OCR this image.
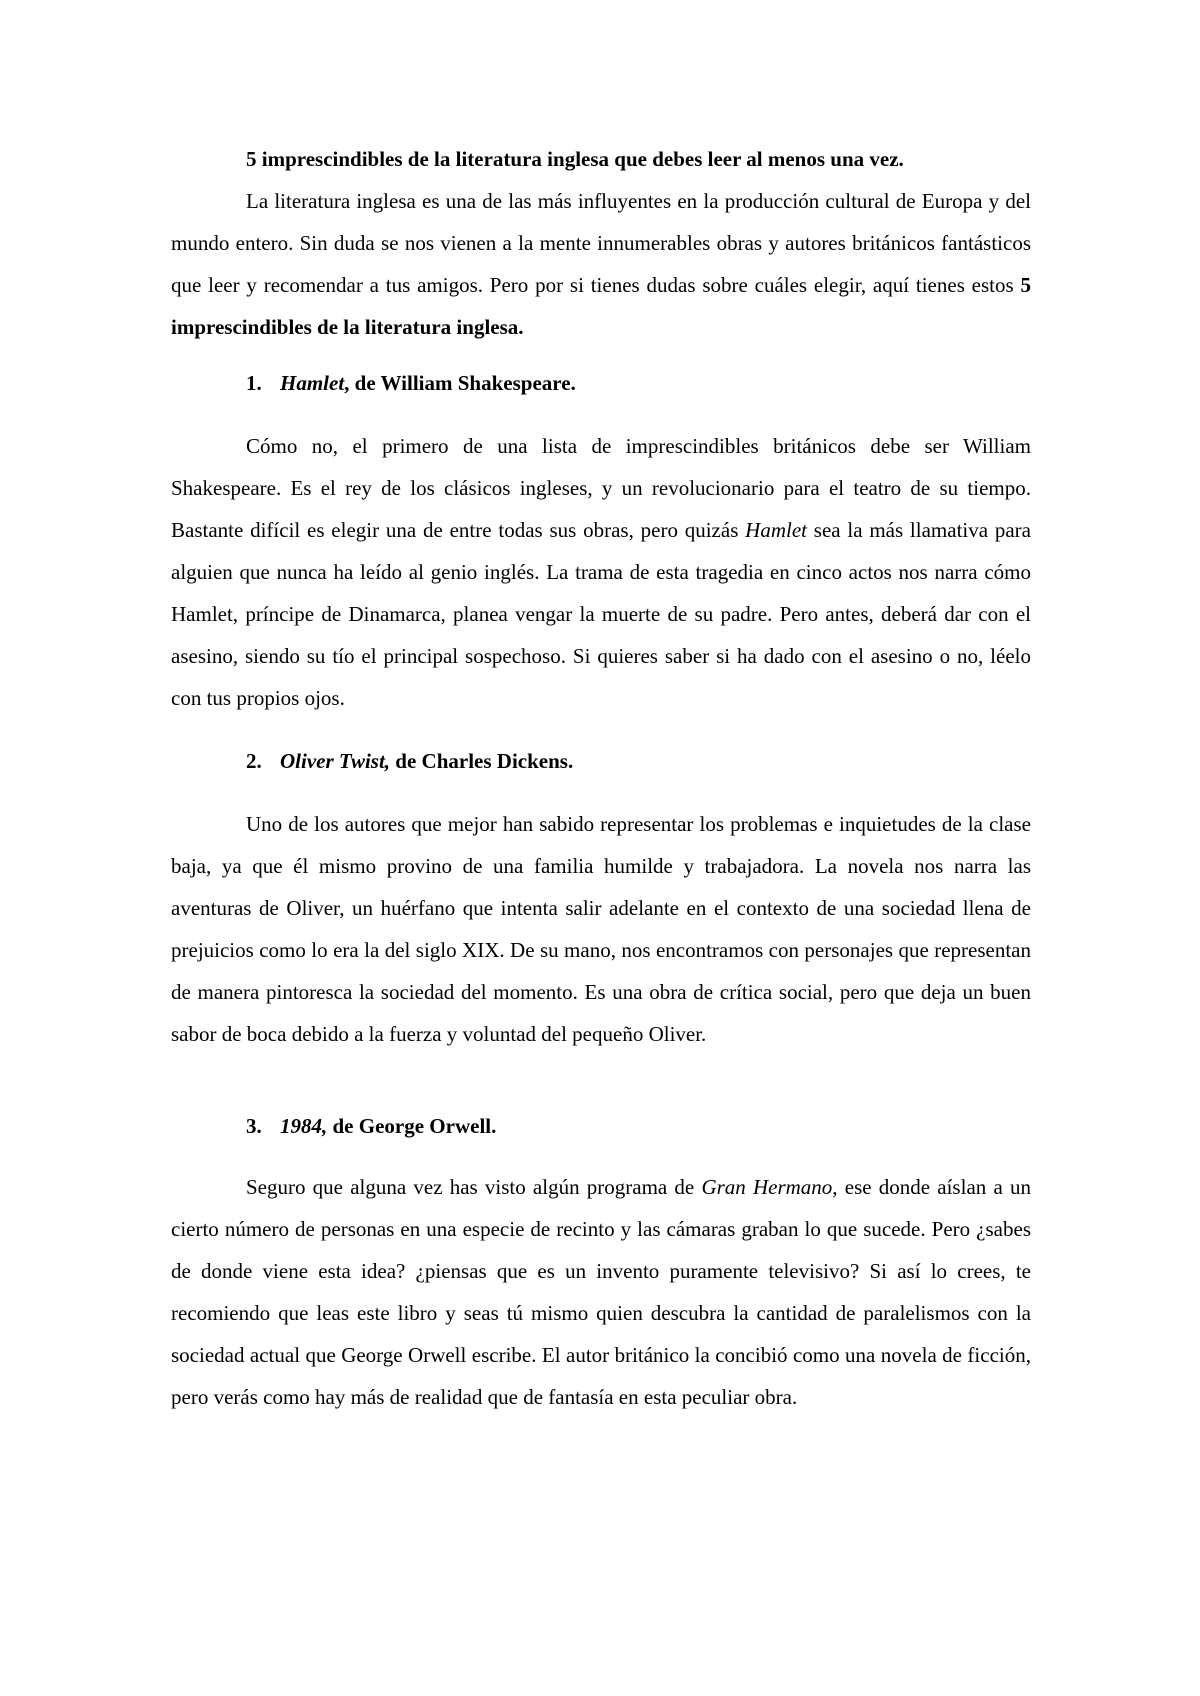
5 imprescindibles de la literatura inglesa que debes leer al menos una vez.

La literatura inglesa es una de las más influyentes en la producción cultural de Europa y del mundo entero. Sin duda se nos vienen a la mente innumerables obras y autores británicos fantásticos que leer y recomendar a tus amigos. Pero por si tienes dudas sobre cuáles elegir, aquí tienes estos 5 imprescindibles de la literatura inglesa.

1. Hamlet, de William Shakespeare.

Cómo no, el primero de una lista de imprescindibles británicos debe ser William Shakespeare. Es el rey de los clásicos ingleses, y un revolucionario para el teatro de su tiempo. Bastante difícil es elegir una de entre todas sus obras, pero quizás Hamlet sea la más llamativa para alguien que nunca ha leído al genio inglés. La trama de esta tragedia en cinco actos nos narra cómo Hamlet, príncipe de Dinamarca, planea vengar la muerte de su padre. Pero antes, deberá dar con el asesino, siendo su tío el principal sospechoso. Si quieres saber si ha dado con el asesino o no, léelo con tus propios ojos.

2. Oliver Twist, de Charles Dickens.

Uno de los autores que mejor han sabido representar los problemas e inquietudes de la clase baja, ya que él mismo provino de una familia humilde y trabajadora. La novela nos narra las aventuras de Oliver, un huérfano que intenta salir adelante en el contexto de una sociedad llena de prejuicios como lo era la del siglo XIX. De su mano, nos encontramos con personajes que representan de manera pintoresca la sociedad del momento. Es una obra de crítica social, pero que deja un buen sabor de boca debido a la fuerza y voluntad del pequeño Oliver.

3. 1984, de George Orwell.

Seguro que alguna vez has visto algún programa de Gran Hermano, ese donde aíslan a un cierto número de personas en una especie de recinto y las cámaras graban lo que sucede. Pero ¿sabes de donde viene esta idea? ¿piensas que es un invento puramente televisivo? Si así lo crees, te recomiendo que leas este libro y seas tú mismo quien descubra la cantidad de paralelismos con la sociedad actual que George Orwell escribe. El autor británico la concibió como una novela de ficción, pero verás como hay más de realidad que de fantasía en esta peculiar obra.
